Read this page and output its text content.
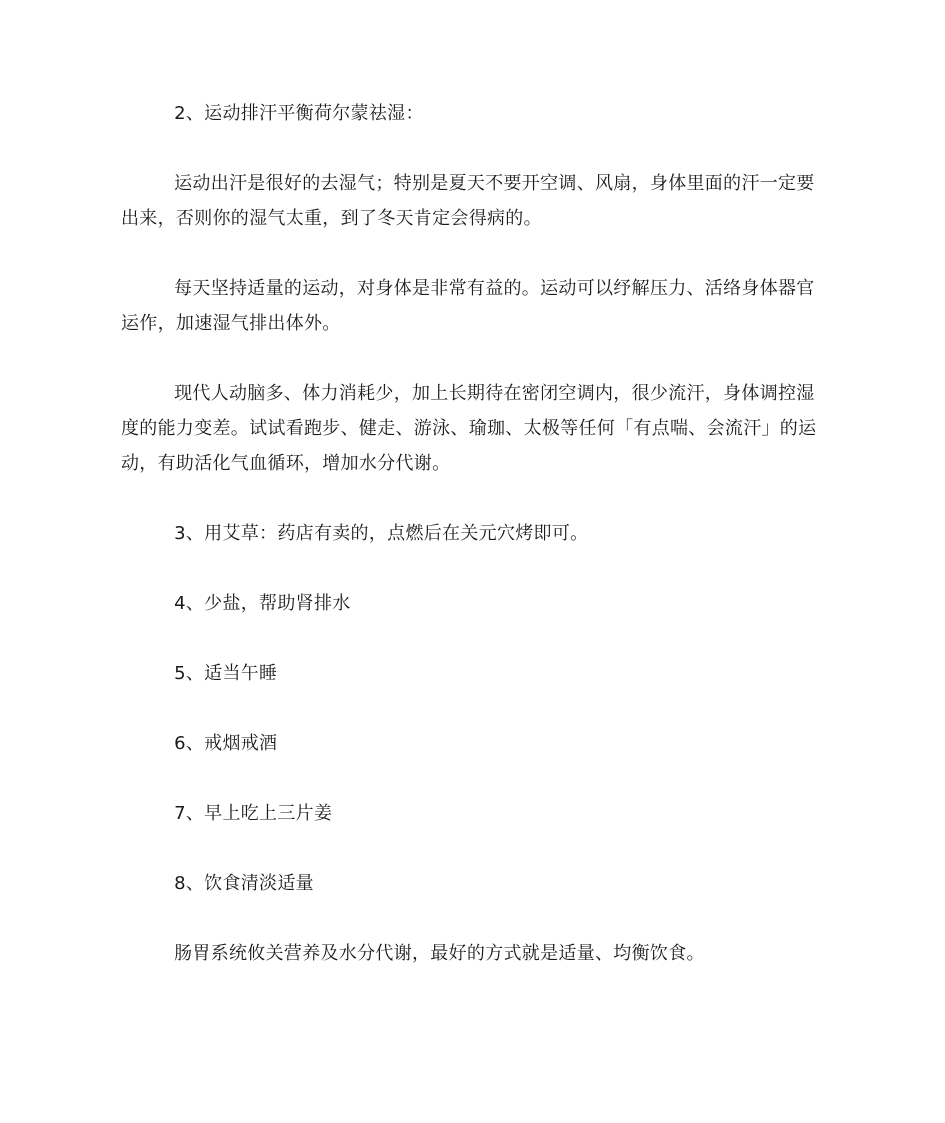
2、运动排汗平衡荷尔蒙祛湿：

运动出汗是很好的去湿气；特别是夏天不要开空调、风扇，身体里面的汗一定要出来，否则你的湿气太重，到了冬天肯定会得病的。

每天坚持适量的运动，对身体是非常有益的。运动可以纾解压力、活络身体器官运作，加速湿气排出体外。

现代人动脑多、体力消耗少，加上长期待在密闭空调内，很少流汗，身体调控湿度的能力变差。试试看跑步、健走、游泳、瑜珈、太极等任何「有点喘、会流汗」的运动，有助活化气血循环，增加水分代谢。

3、用艾草：药店有卖的，点燃后在关元穴烤即可。

4、少盐，帮助肾排水

5、适当午睡

6、戒烟戒酒

7、早上吃上三片姜

8、饮食清淡适量

肠胃系统攸关营养及水分代谢，最好的方式就是适量、均衡饮食。
